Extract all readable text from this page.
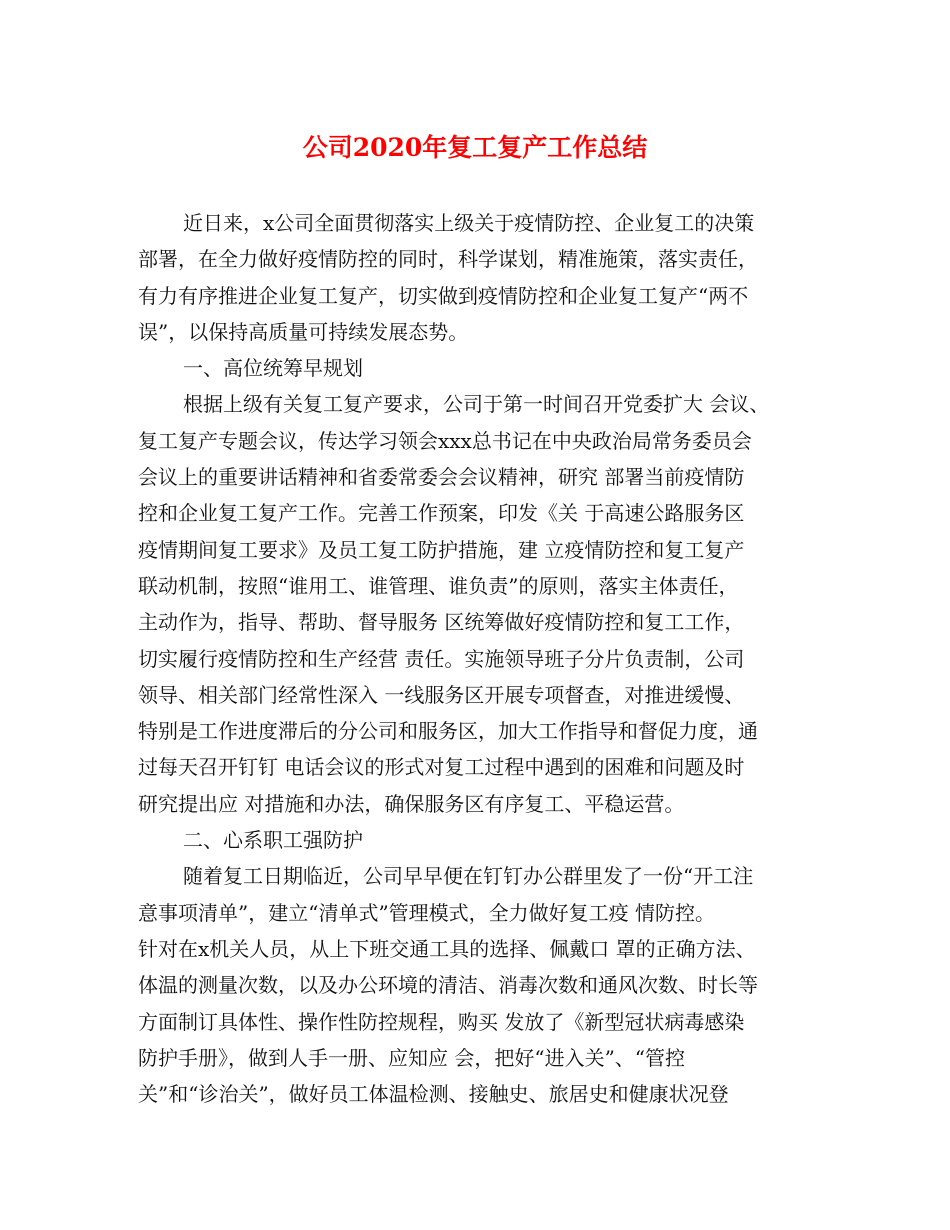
公司2020年复工复产工作总结
近日来，x公司全面贯彻落实上级关于疫情防控、企业复工的决策
部署，在全力做好疫情防控的同时，科学谋划，精准施策，落实责任，
有力有序推进企业复工复产，切实做到疫情防控和企业复工复产“两不
误”，以保持高质量可持续发展态势。
一、高位统筹早规划
根据上级有关复工复产要求，公司于第一时间召开党委扩大 会议、
复工复产专题会议，传达学习领会xxx总书记在中央政治局常务委员会
会议上的重要讲话精神和省委常委会会议精神，研究 部署当前疫情防
控和企业复工复产工作。完善工作预案，印发《关 于高速公路服务区
疫情期间复工要求》及员工复工防护措施，建 立疫情防控和复工复产
联动机制，按照“谁用工、谁管理、谁负责”的原则，落实主体责任，
主动作为，指导、帮助、督导服务 区统筹做好疫情防控和复工工作，
切实履行疫情防控和生产经营 责任。实施领导班子分片负责制，公司
领导、相关部门经常性深入 一线服务区开展专项督查，对推进缓慢、
特别是工作进度滞后的分公司和服务区，加大工作指导和督促力度，通
过每天召开钉钉 电话会议的形式对复工过程中遇到的困难和问题及时
研究提出应 对措施和办法，确保服务区有序复工、平稳运营。
二、心系职工强防护
随着复工日期临近，公司早早便在钉钉办公群里发了一份“开工注
意事项清单”，建立“清单式”管理模式，全力做好复工疫 情防控。
针对在x机关人员，从上下班交通工具的选择、佩戴口 罩的正确方法、
体温的测量次数，以及办公环境的清洁、消毒次数和通风次数、时长等
方面制订具体性、操作性防控规程，购买 发放了《新型冠状病毒感染
防护手册》，做到人手一册、应知应 会，把好“进入关”、“管控
关”和“诊治关”，做好员工体温检测、接触史、旅居史和健康状况登
